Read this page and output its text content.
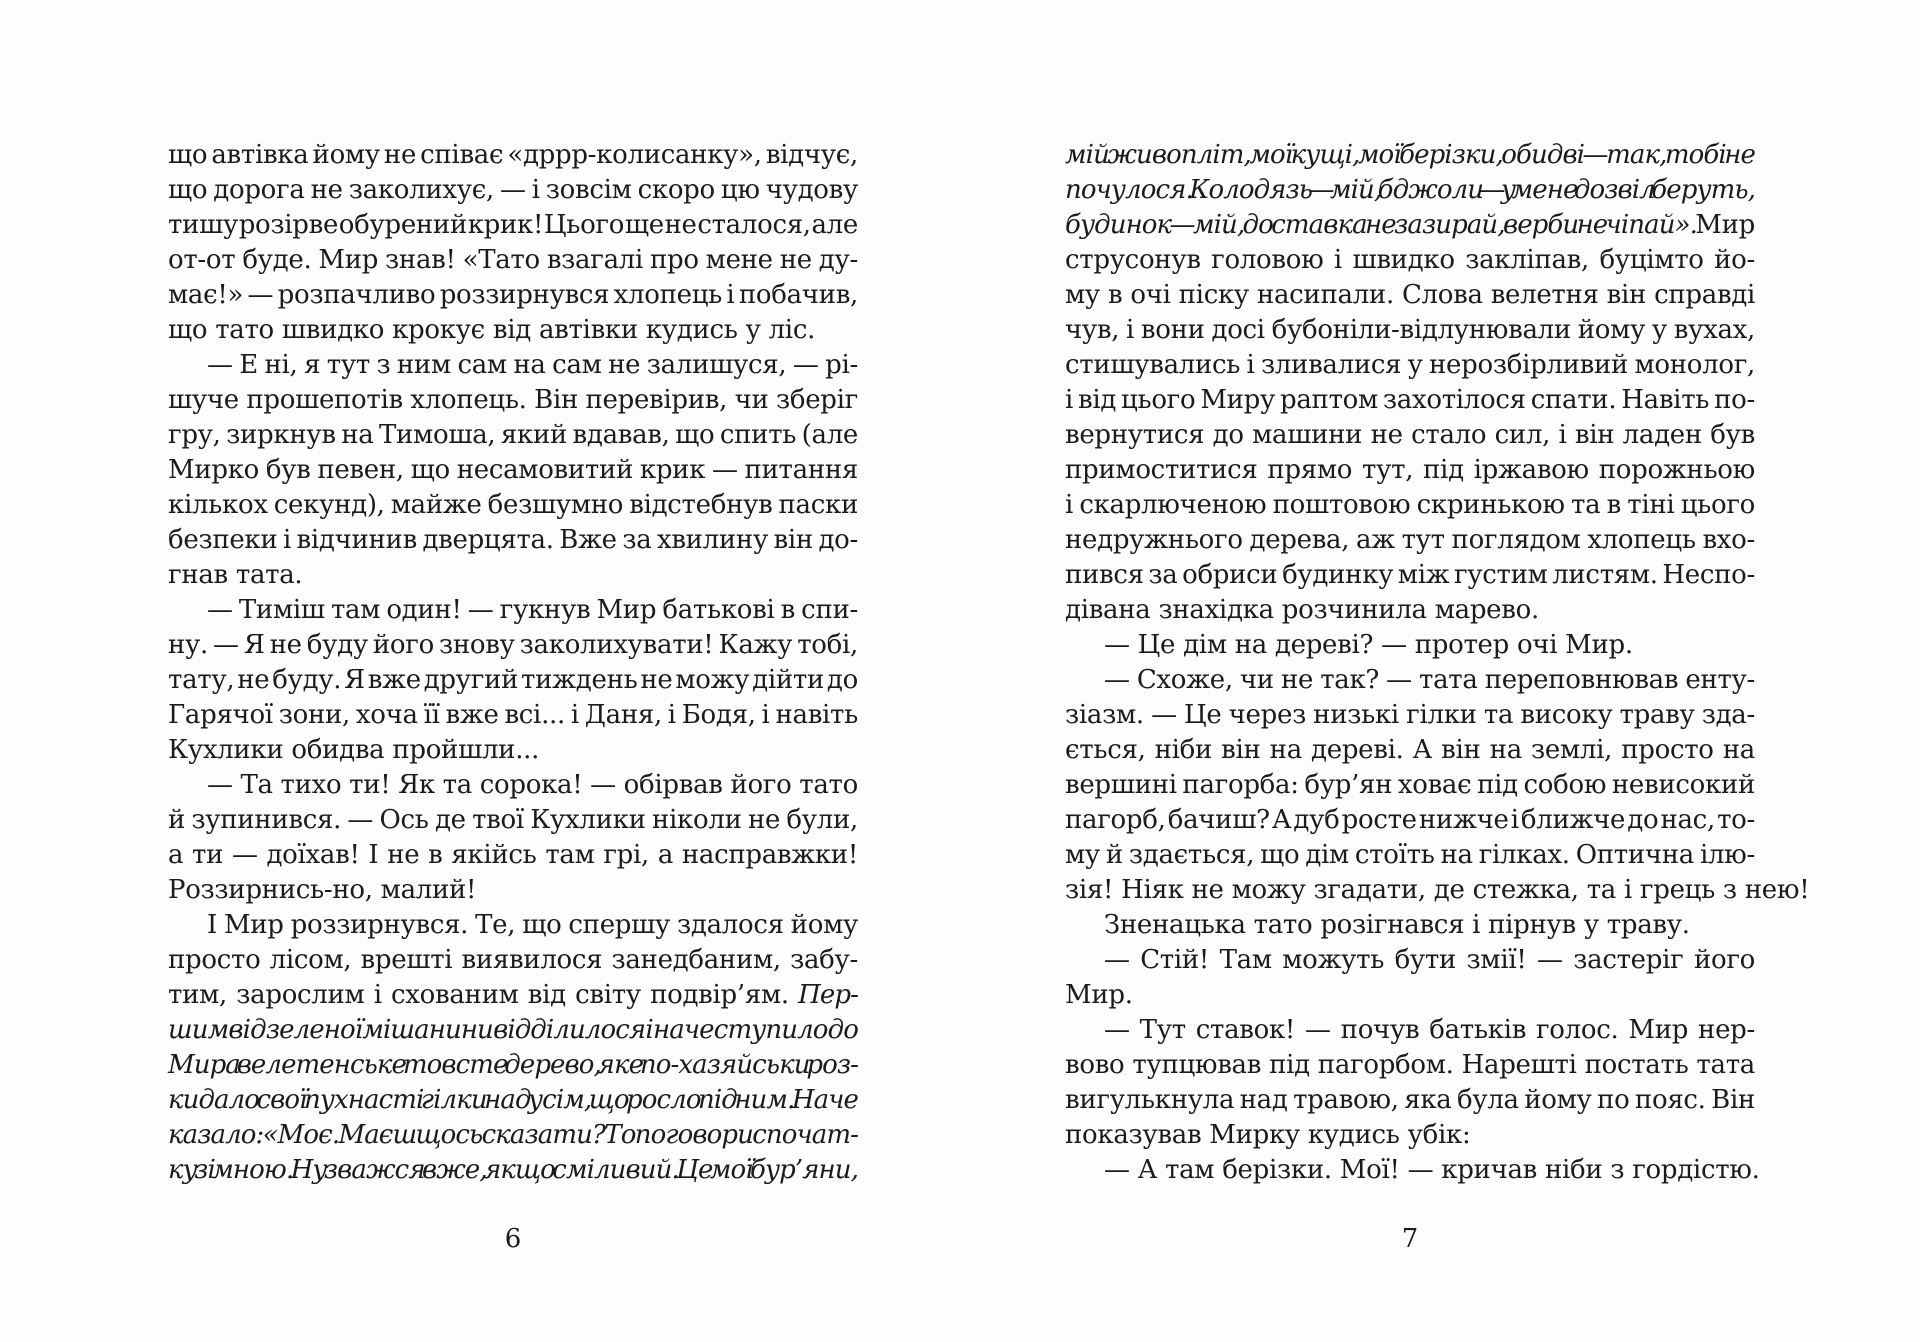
що автівка йому не співає «дррр-колисанку», відчує,
що дорога не заколихує, — і зовсім скоро цю чудову
тишу розірве обурений крик! Цього ще не сталося, але
от-от буде. Мир знав! «Тато взагалі про мене не ду-
має!» — розпачливо роззирнувся хлопець і побачив,
що тато швидко крокує від автівки кудись у ліс.
— Е ні, я тут з ним сам на сам не залишуся, — рі-
шуче прошепотів хлопець. Він перевірив, чи зберіг
гру, зиркнув на Тимоша, який вдавав, що спить (але
Мирко був певен, що несамовитий крик — питання
кількох секунд), майже безшумно відстебнув паски
безпеки і відчинив дверцята. Вже за хвилину він до-
гнав тата.
— Тиміш там один! — гукнув Мир батькові в спи-
ну. — Я не буду його знову заколихувати! Кажу тобі,
тату, не буду. Я вже другий тиждень не можу дійти до
Гарячої зони, хоча її вже всі... і Даня, і Бодя, і навіть
Кухлики обидва пройшли...
— Та тихо ти! Як та сорока! — обірвав його тато
й зупинився. — Ось де твої Кухлики ніколи не були,
а ти — доїхав! І не в якійсь там грі, а насправжки!
Роззирнись-но, малий!
І Мир роззирнувся. Те, що спершу здалося йому
просто лісом, врешті виявилося занедбаним, забу-
тим, зарослим і схованим від світу подвір’ям. Пер-
шим від зеленої мішанини відділилося і наче ступило до
Мира велетенське товсте дерево, яке по-хазяйськи роз-
кидало свої пухнасті гілки над усім, що росло під ним. Наче
казало: «Моє. Маєш щось сказати? То поговори спочат-
ку зі мною. Ну зважся вже, якщо сміливий. Це мої бур’яни,
мій живопліт, мої кущі, мої берізки, обидві — так, тобі не
почулося. Колодязь — мій, бджоли — у мене дозвіл беруть,
будинок — мій, до ставка не зазирай, верби не чіпай». Мир
струсонув головою і швидко закліпав, буцімто йо-
му в очі піску насипали. Слова велетня він справді
чув, і вони досі бубоніли-відлунювали йому у вухах,
стишувались і зливалися у нерозбірливий монолог,
і від цього Миру раптом захотілося спати. Навіть по-
вернутися до машини не стало сил, і він ладен був
примоститися прямо тут, під іржавою порожньою
і скарлюченою поштовою скринькою та в тіні цього
недружнього дерева, аж тут поглядом хлопець вхо-
пився за обриси будинку між густим листям. Неспо-
дівана знахідка розчинила марево.
— Це дім на дереві? — протер очі Мир.
— Схоже, чи не так? — тата переповнював енту-
зіазм. — Це через низькі гілки та високу траву зда-
ється, ніби він на дереві. А він на землі, просто на
вершині пагорба: бур’ян ховає під собою невисокий
пагорб, бачиш? А дуб росте нижче і ближче до нас, то-
му й здається, що дім стоїть на гілках. Оптична ілю-
зія! Ніяк не можу згадати, де стежка, та і грець з нею!
Зненацька тато розігнався і пірнув у траву.
— Стій! Там можуть бути змії! — застеріг його
Мир.
— Тут ставок! — почув батьків голос. Мир нер-
вово тупцював під пагорбом. Нарешті постать тата
вигулькнула над травою, яка була йому по пояс. Він
показував Мирку кудись убік:
— А там берізки. Мої! — кричав ніби з гордістю.
6	7
